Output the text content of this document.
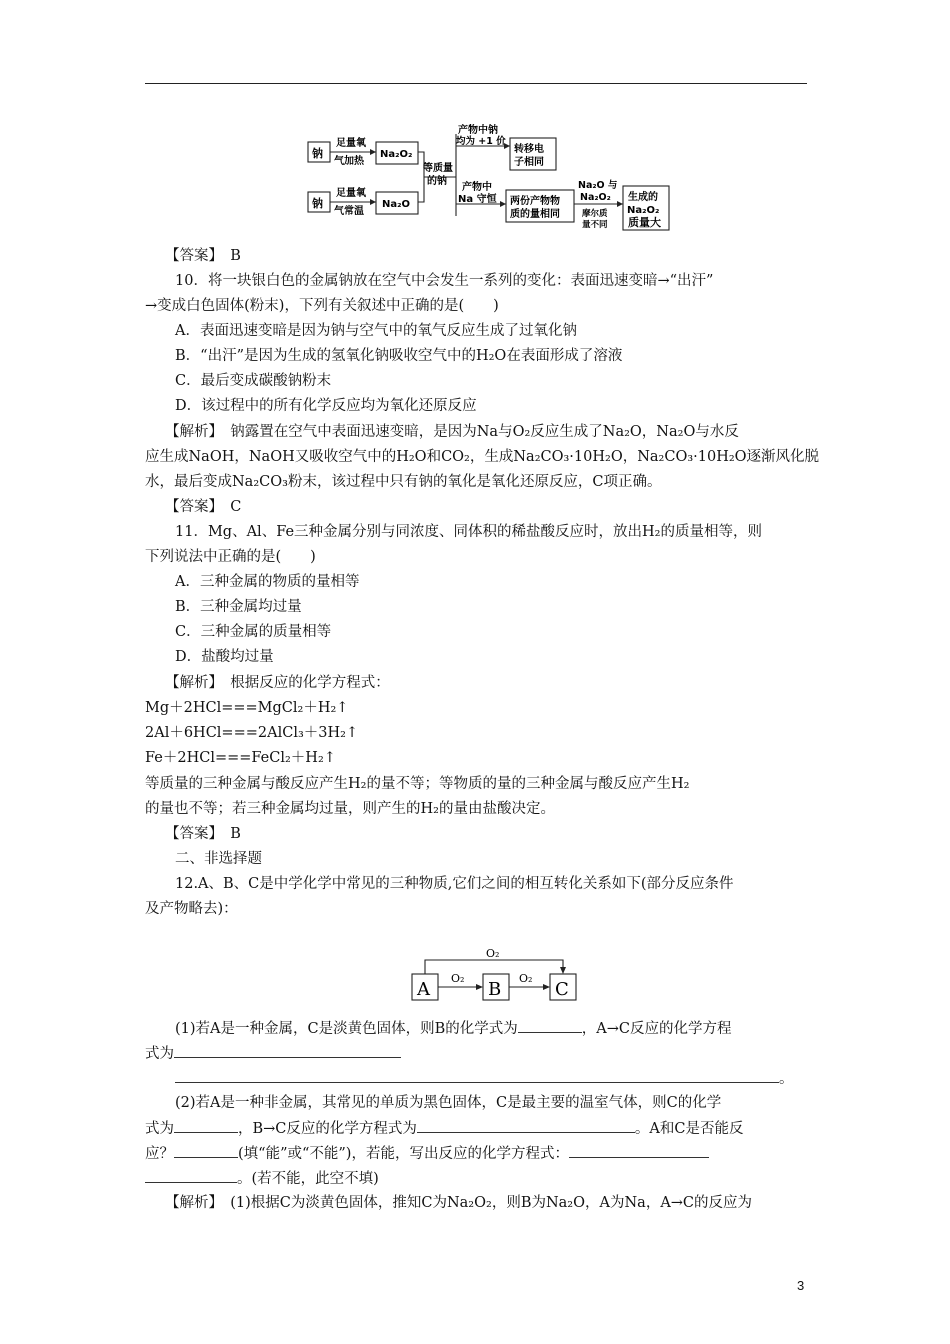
钠
钠
足量氧
气加热
足量氧
气常温
Na₂O₂
Na₂O
等质量
的钠
产物中钠
均为 +1 价
产物中
Na 守恒
转移电
子相同
两份产物物
质的量相同
Na₂O 与
Na₂O₂
摩尔质
量不同
生成的
Na₂O₂
质量大
【答案】　B
10．将一块银白色的金属钠放在空气中会发生一系列的变化：表面迅速变暗→“出汗”
→变成白色固体(粉末)，下列有关叙述中正确的是(　　)
A．表面迅速变暗是因为钠与空气中的氧气反应生成了过氧化钠
B．“出汗”是因为生成的氢氧化钠吸收空气中的H₂O在表面形成了溶液
C．最后变成碳酸钠粉末
D．该过程中的所有化学反应均为氧化还原反应
【解析】　钠露置在空气中表面迅速变暗，是因为Na与O₂反应生成了Na₂O，Na₂O与水反
应生成NaOH，NaOH又吸收空气中的H₂O和CO₂，生成Na₂CO₃·10H₂O，Na₂CO₃·10H₂O逐渐风化脱
水，最后变成Na₂CO₃粉末，该过程中只有钠的氧化是氧化还原反应，C项正确。
【答案】　C
11．Mg、Al、Fe三种金属分别与同浓度、同体积的稀盐酸反应时，放出H₂的质量相等，则
下列说法中正确的是(　　)
A．三种金属的物质的量相等
B．三种金属均过量
C．三种金属的质量相等
D．盐酸均过量
【解析】　根据反应的化学方程式：
Mg＋2HCl===MgCl₂＋H₂↑
2Al＋6HCl===2AlCl₃＋3H₂↑
Fe＋2HCl===FeCl₂＋H₂↑
等质量的三种金属与酸反应产生H₂的量不等；等物质的量的三种金属与酸反应产生H₂
的量也不等；若三种金属均过量，则产生的H₂的量由盐酸决定。
【答案】　B
二、非选择题
12.A、B、C是中学化学中常见的三种物质,它们之间的相互转化关系如下(部分反应条件
及产物略去)：
A	B	C
O₂
O₂	O₂
(1)若A是一种金属，C是淡黄色固体，则B的化学式为	，A→C反应的化学方程
式为
。
(2)若A是一种非金属，其常见的单质为黑色固体，C是最主要的温室气体，则C的化学
式为	，B→C反应的化学方程式为	。A和C是否能反
应？	(填“能”或“不能”)，若能，写出反应的化学方程式：
。(若不能，此空不填)
【解析】　(1)根据C为淡黄色固体，推知C为Na₂O₂，则B为Na₂O，A为Na，A→C的反应为
3
